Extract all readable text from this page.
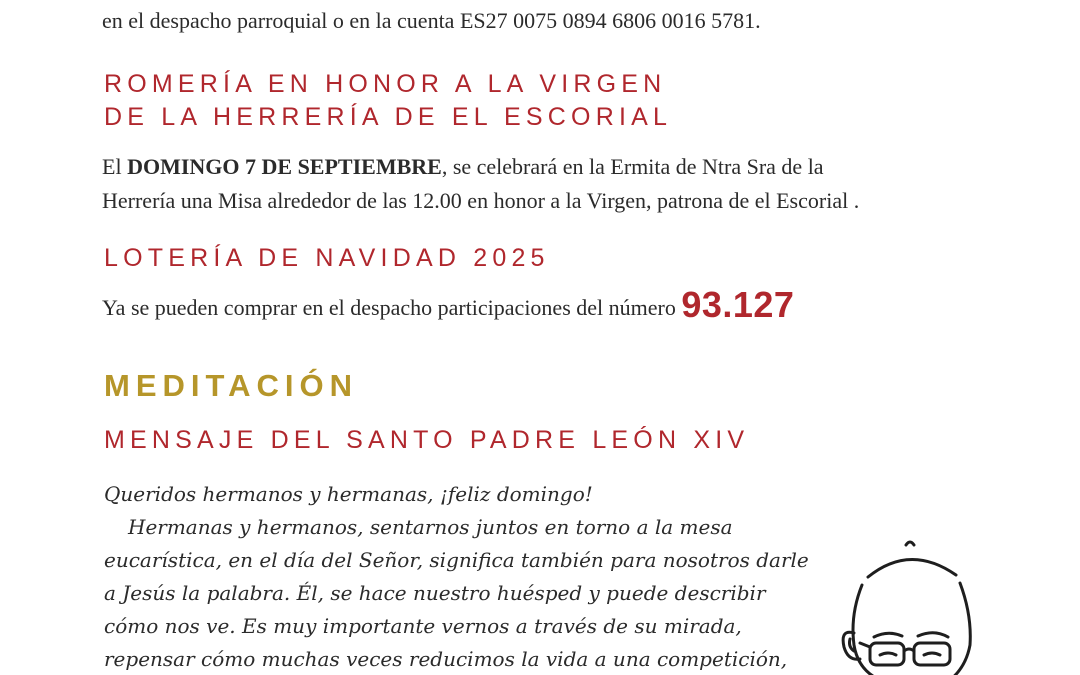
en el despacho parroquial o en la cuenta ES27 0075 0894 6806 0016 5781.
ROMERÍA EN HONOR A LA VIRGEN
DE LA HERRERÍA DE EL ESCORIAL
El DOMINGO 7 DE SEPTIEMBRE, se celebrará en la Ermita de Ntra Sra de la
Herrería una Misa alrededor de las 12.00 en honor a la Virgen, patrona de el Escorial .
LOTERÍA DE NAVIDAD 2025
Ya se pueden comprar en el despacho participaciones del número 93.127
MEDITACIÓN
MENSAJE DEL SANTO PADRE LEÓN XIV
Queridos hermanos y hermanas, ¡feliz domingo!
Hermanas y hermanos, sentarnos juntos en torno a la mesa
eucarística, en el día del Señor, significa también para nosotros darle
a Jesús la palabra. Él, se hace nuestro huésped y puede describir
cómo nos ve. Es muy importante vernos a través de su mirada,
repensar cómo muchas veces reducimos la vida a una competición,
